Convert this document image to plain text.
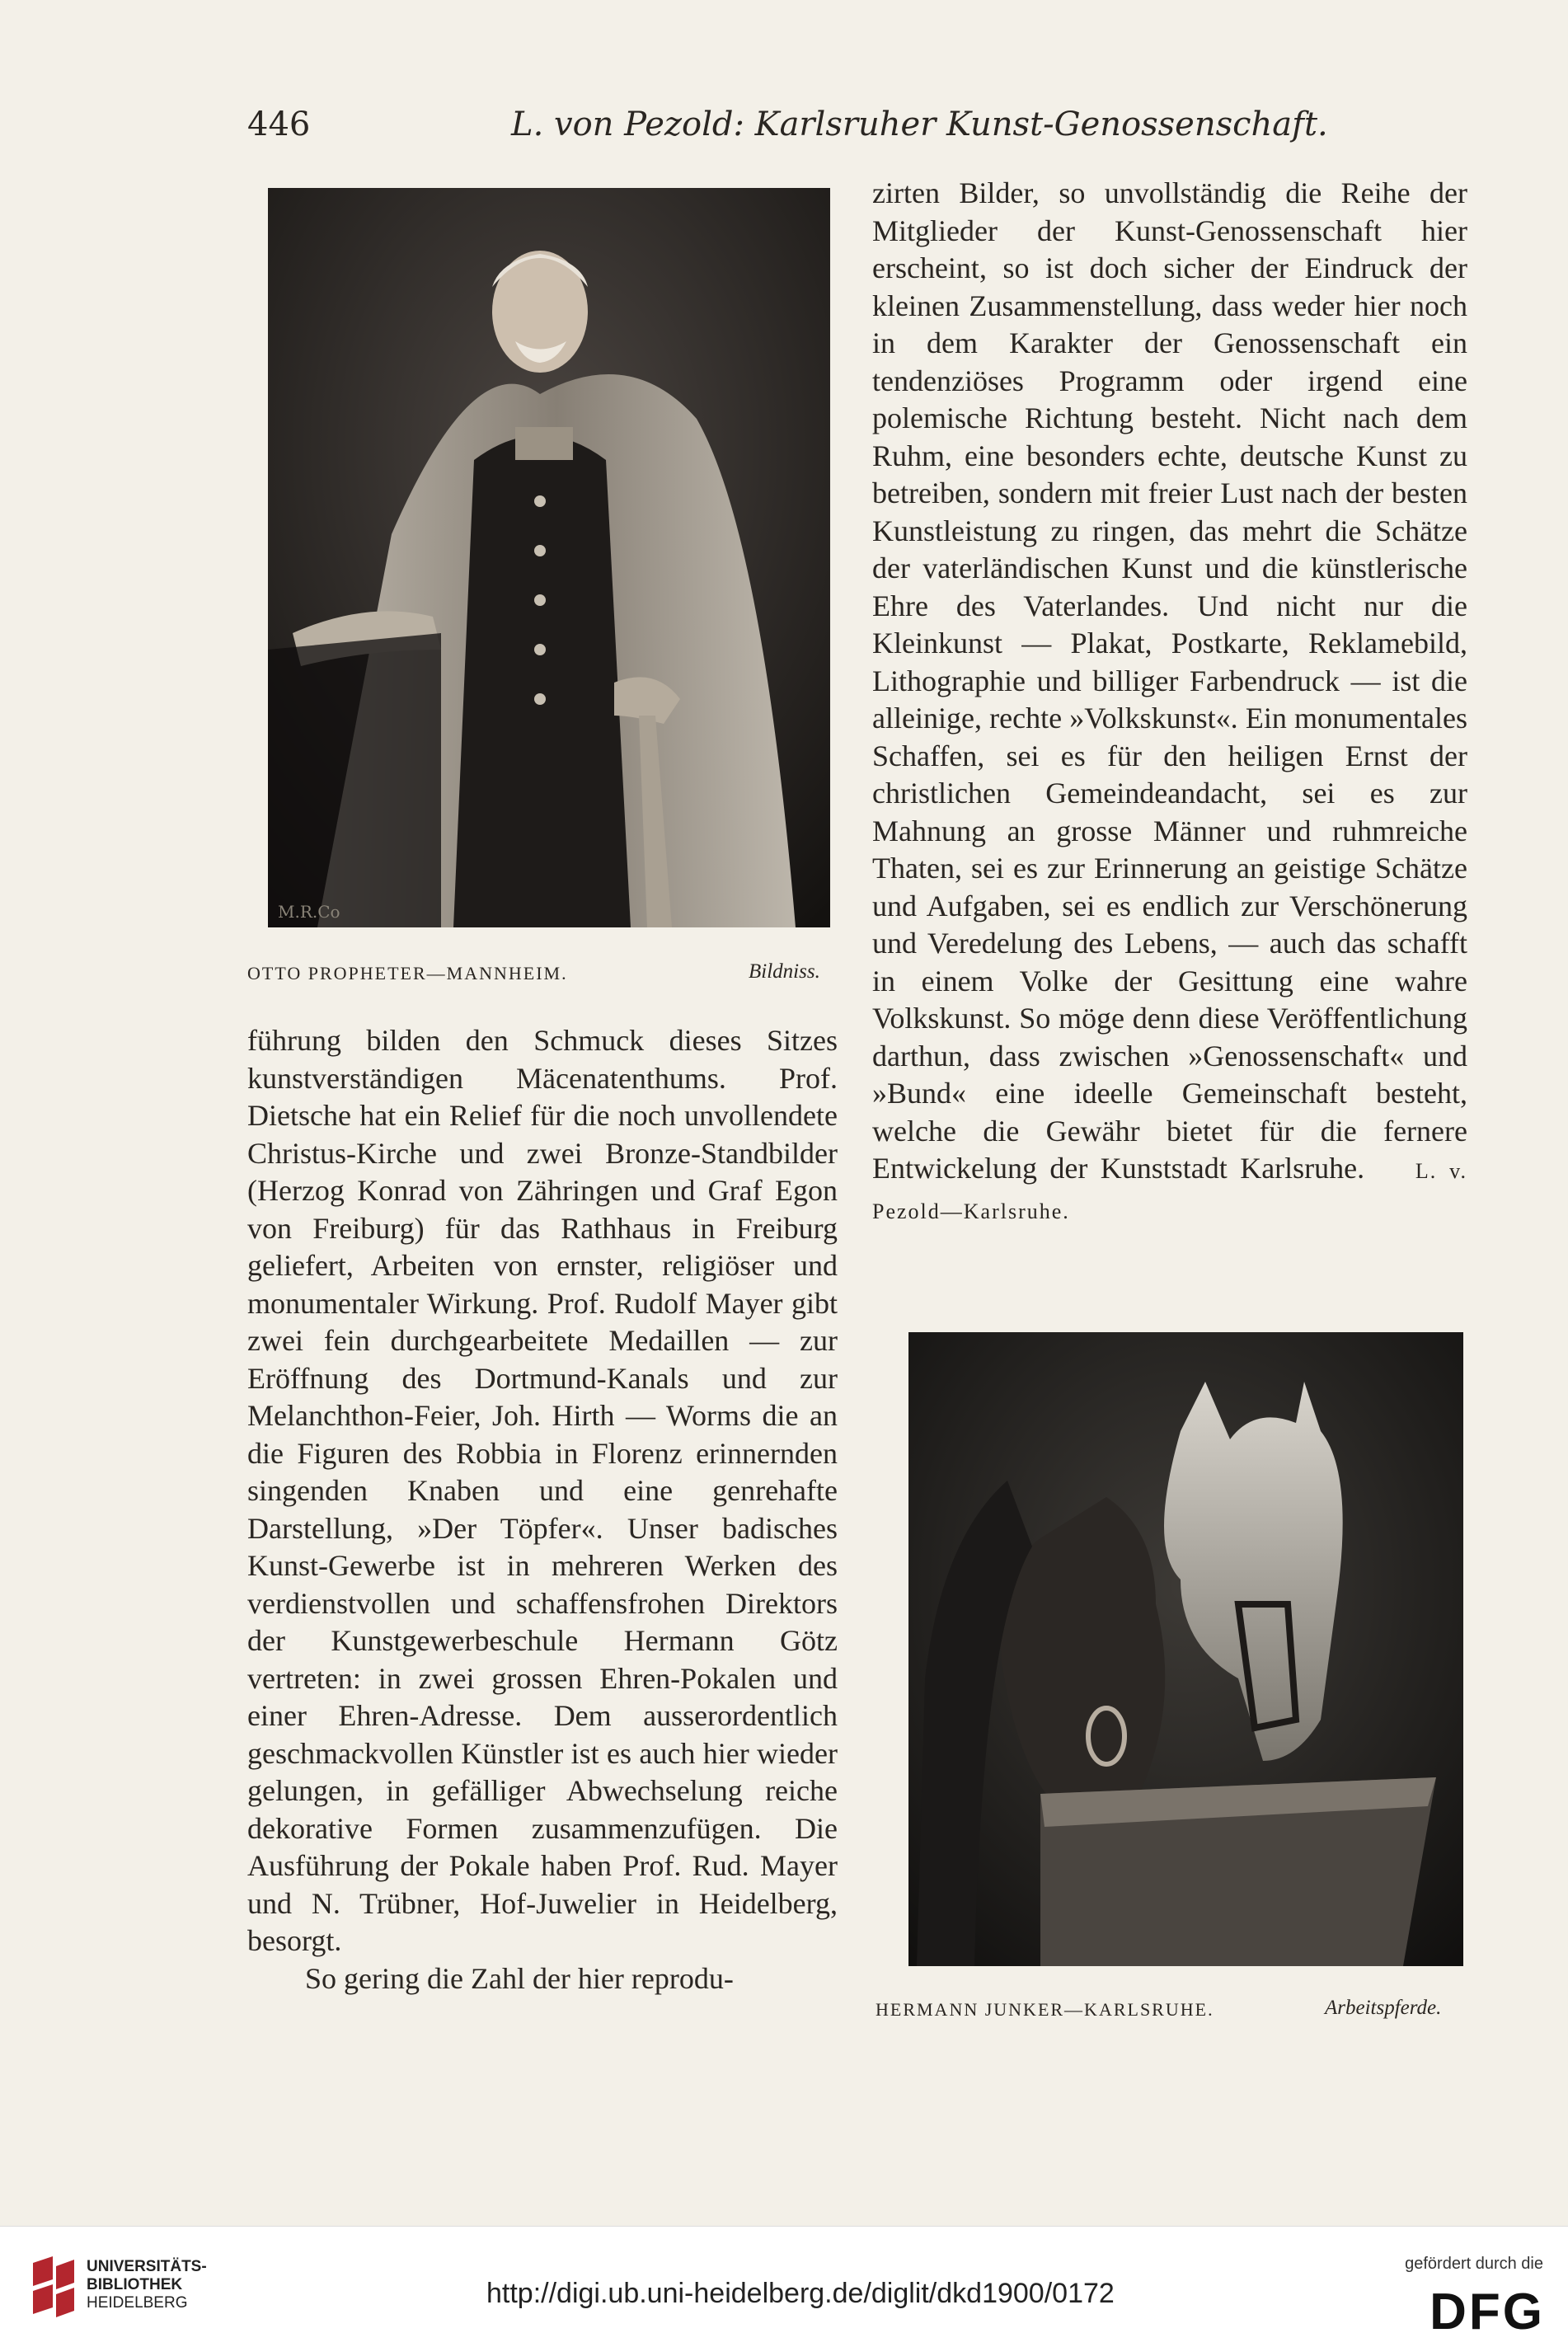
446	L. von Pezold: Karlsruher Kunst-Genossenschaft.
M.R.Co
OTTO PROPHETER—MANNHEIM.	Bildniss.

führung bilden den Schmuck dieses Sitzes kunstverständigen Mäcenatenthums. Prof. Dietsche hat ein Relief für die noch unvollendete Christus-Kirche und zwei Bronze-Standbilder (Herzog Konrad von Zähringen und Graf Egon von Freiburg) für das Rathhaus in Freiburg geliefert, Arbeiten von ernster, religiöser und monumentaler Wirkung. Prof. Rudolf Mayer gibt zwei fein durchgearbeitete Medaillen — zur Eröffnung des Dortmund-Kanals und zur Melanchthon-Feier, Joh. Hirth — Worms die an die Figuren des Robbia in Florenz erinnernden singenden Knaben und eine genrehafte Darstellung, »Der Töpfer«. Unser badisches Kunst-Gewerbe ist in mehreren Werken des verdienstvollen und schaffensfrohen Direktors der Kunstgewerbeschule Hermann Götz vertreten: in zwei grossen Ehren-Pokalen und einer Ehren-Adresse. Dem ausserordentlich geschmackvollen Künstler ist es auch hier wieder gelungen, in gefälliger Abwechselung reiche dekorative Formen zusammenzufügen. Die Ausführung der Pokale haben Prof. Rud. Mayer und N. Trübner, Hof-Juwelier in Heidelberg, besorgt.

So gering die Zahl der hier reprodu-

zirten Bilder, so unvollständig die Reihe der Mitglieder der Kunst-Genossenschaft hier erscheint, so ist doch sicher der Eindruck der kleinen Zusammenstellung, dass weder hier noch in dem Karakter der Genossenschaft ein tendenziöses Programm oder irgend eine polemische Richtung besteht. Nicht nach dem Ruhm, eine besonders echte, deutsche Kunst zu betreiben, sondern mit freier Lust nach der besten Kunstleistung zu ringen, das mehrt die Schätze der vaterländischen Kunst und die künstlerische Ehre des Vaterlandes. Und nicht nur die Kleinkunst — Plakat, Postkarte, Reklamebild, Lithographie und billiger Farbendruck — ist die alleinige, rechte »Volkskunst«. Ein monumentales Schaffen, sei es für den heiligen Ernst der christlichen Gemeindeandacht, sei es zur Mahnung an grosse Männer und ruhmreiche Thaten, sei es zur Erinnerung an geistige Schätze und Aufgaben, sei es endlich zur Verschönerung und Veredelung des Lebens, — auch das schafft in einem Volke der Gesittung eine wahre Volkskunst. So möge denn diese Veröffentlichung darthun, dass zwischen »Genossenschaft« und »Bund« eine ideelle Gemeinschaft besteht, welche die Gewähr bietet für die fernere Entwickelung der Kunststadt Karlsruhe. L. v. Pezold—Karlsruhe.

HERMANN JUNKER—KARLSRUHE.	Arbeitspferde.
UNIVERSITÄTS-
BIBLIOTHEK
HEIDELBERG	http://digi.ub.uni-heidelberg.de/diglit/dkd1900/0172
gefördert durch die
DFG
